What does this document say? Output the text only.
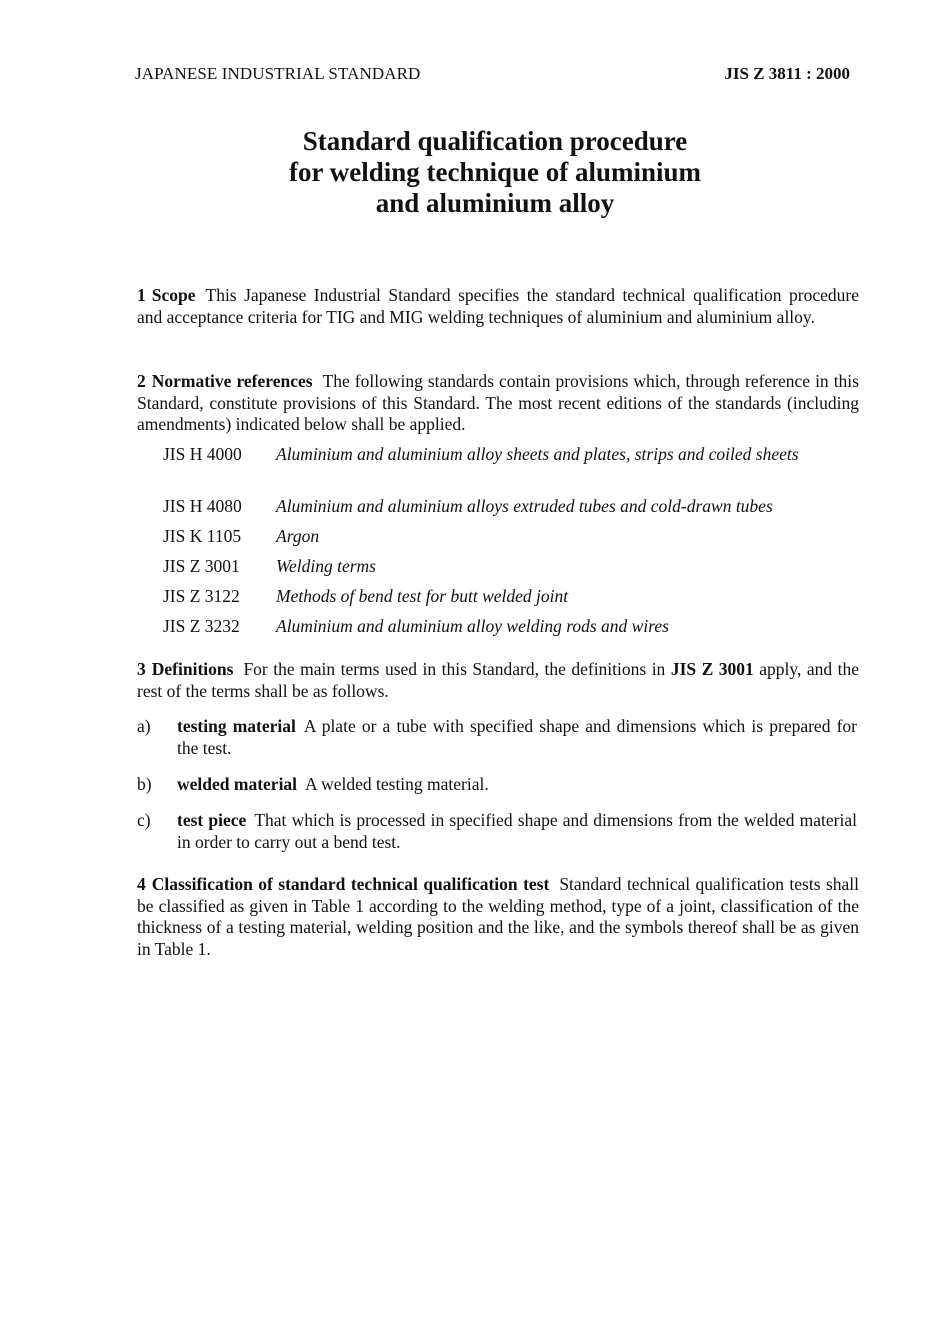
JAPANESE INDUSTRIAL STANDARD	JIS Z 3811 : 2000
Standard qualification procedure
for welding technique of aluminium
and aluminium alloy
1 Scope This Japanese Industrial Standard specifies the standard technical qualification procedure and acceptance criteria for TIG and MIG welding techniques of aluminium and aluminium alloy.
2 Normative references The following standards contain provisions which, through reference in this Standard, constitute provisions of this Standard. The most recent editions of the standards (including amendments) indicated below shall be applied.
JIS H 4000 Aluminium and aluminium alloy sheets and plates, strips and coiled sheets
JIS H 4080 Aluminium and aluminium alloys extruded tubes and cold-drawn tubes
JIS K 1105 Argon
JIS Z 3001 Welding terms
JIS Z 3122 Methods of bend test for butt welded joint
JIS Z 3232 Aluminium and aluminium alloy welding rods and wires
3 Definitions For the main terms used in this Standard, the definitions in JIS Z 3001 apply, and the rest of the terms shall be as follows.
a) testing material A plate or a tube with specified shape and dimensions which is prepared for the test.
b) welded material A welded testing material.
c) test piece That which is processed in specified shape and dimensions from the welded material in order to carry out a bend test.
4 Classification of standard technical qualification test Standard technical qualification tests shall be classified as given in Table 1 according to the welding method, type of a joint, classification of the thickness of a testing material, welding position and the like, and the symbols thereof shall be as given in Table 1.
